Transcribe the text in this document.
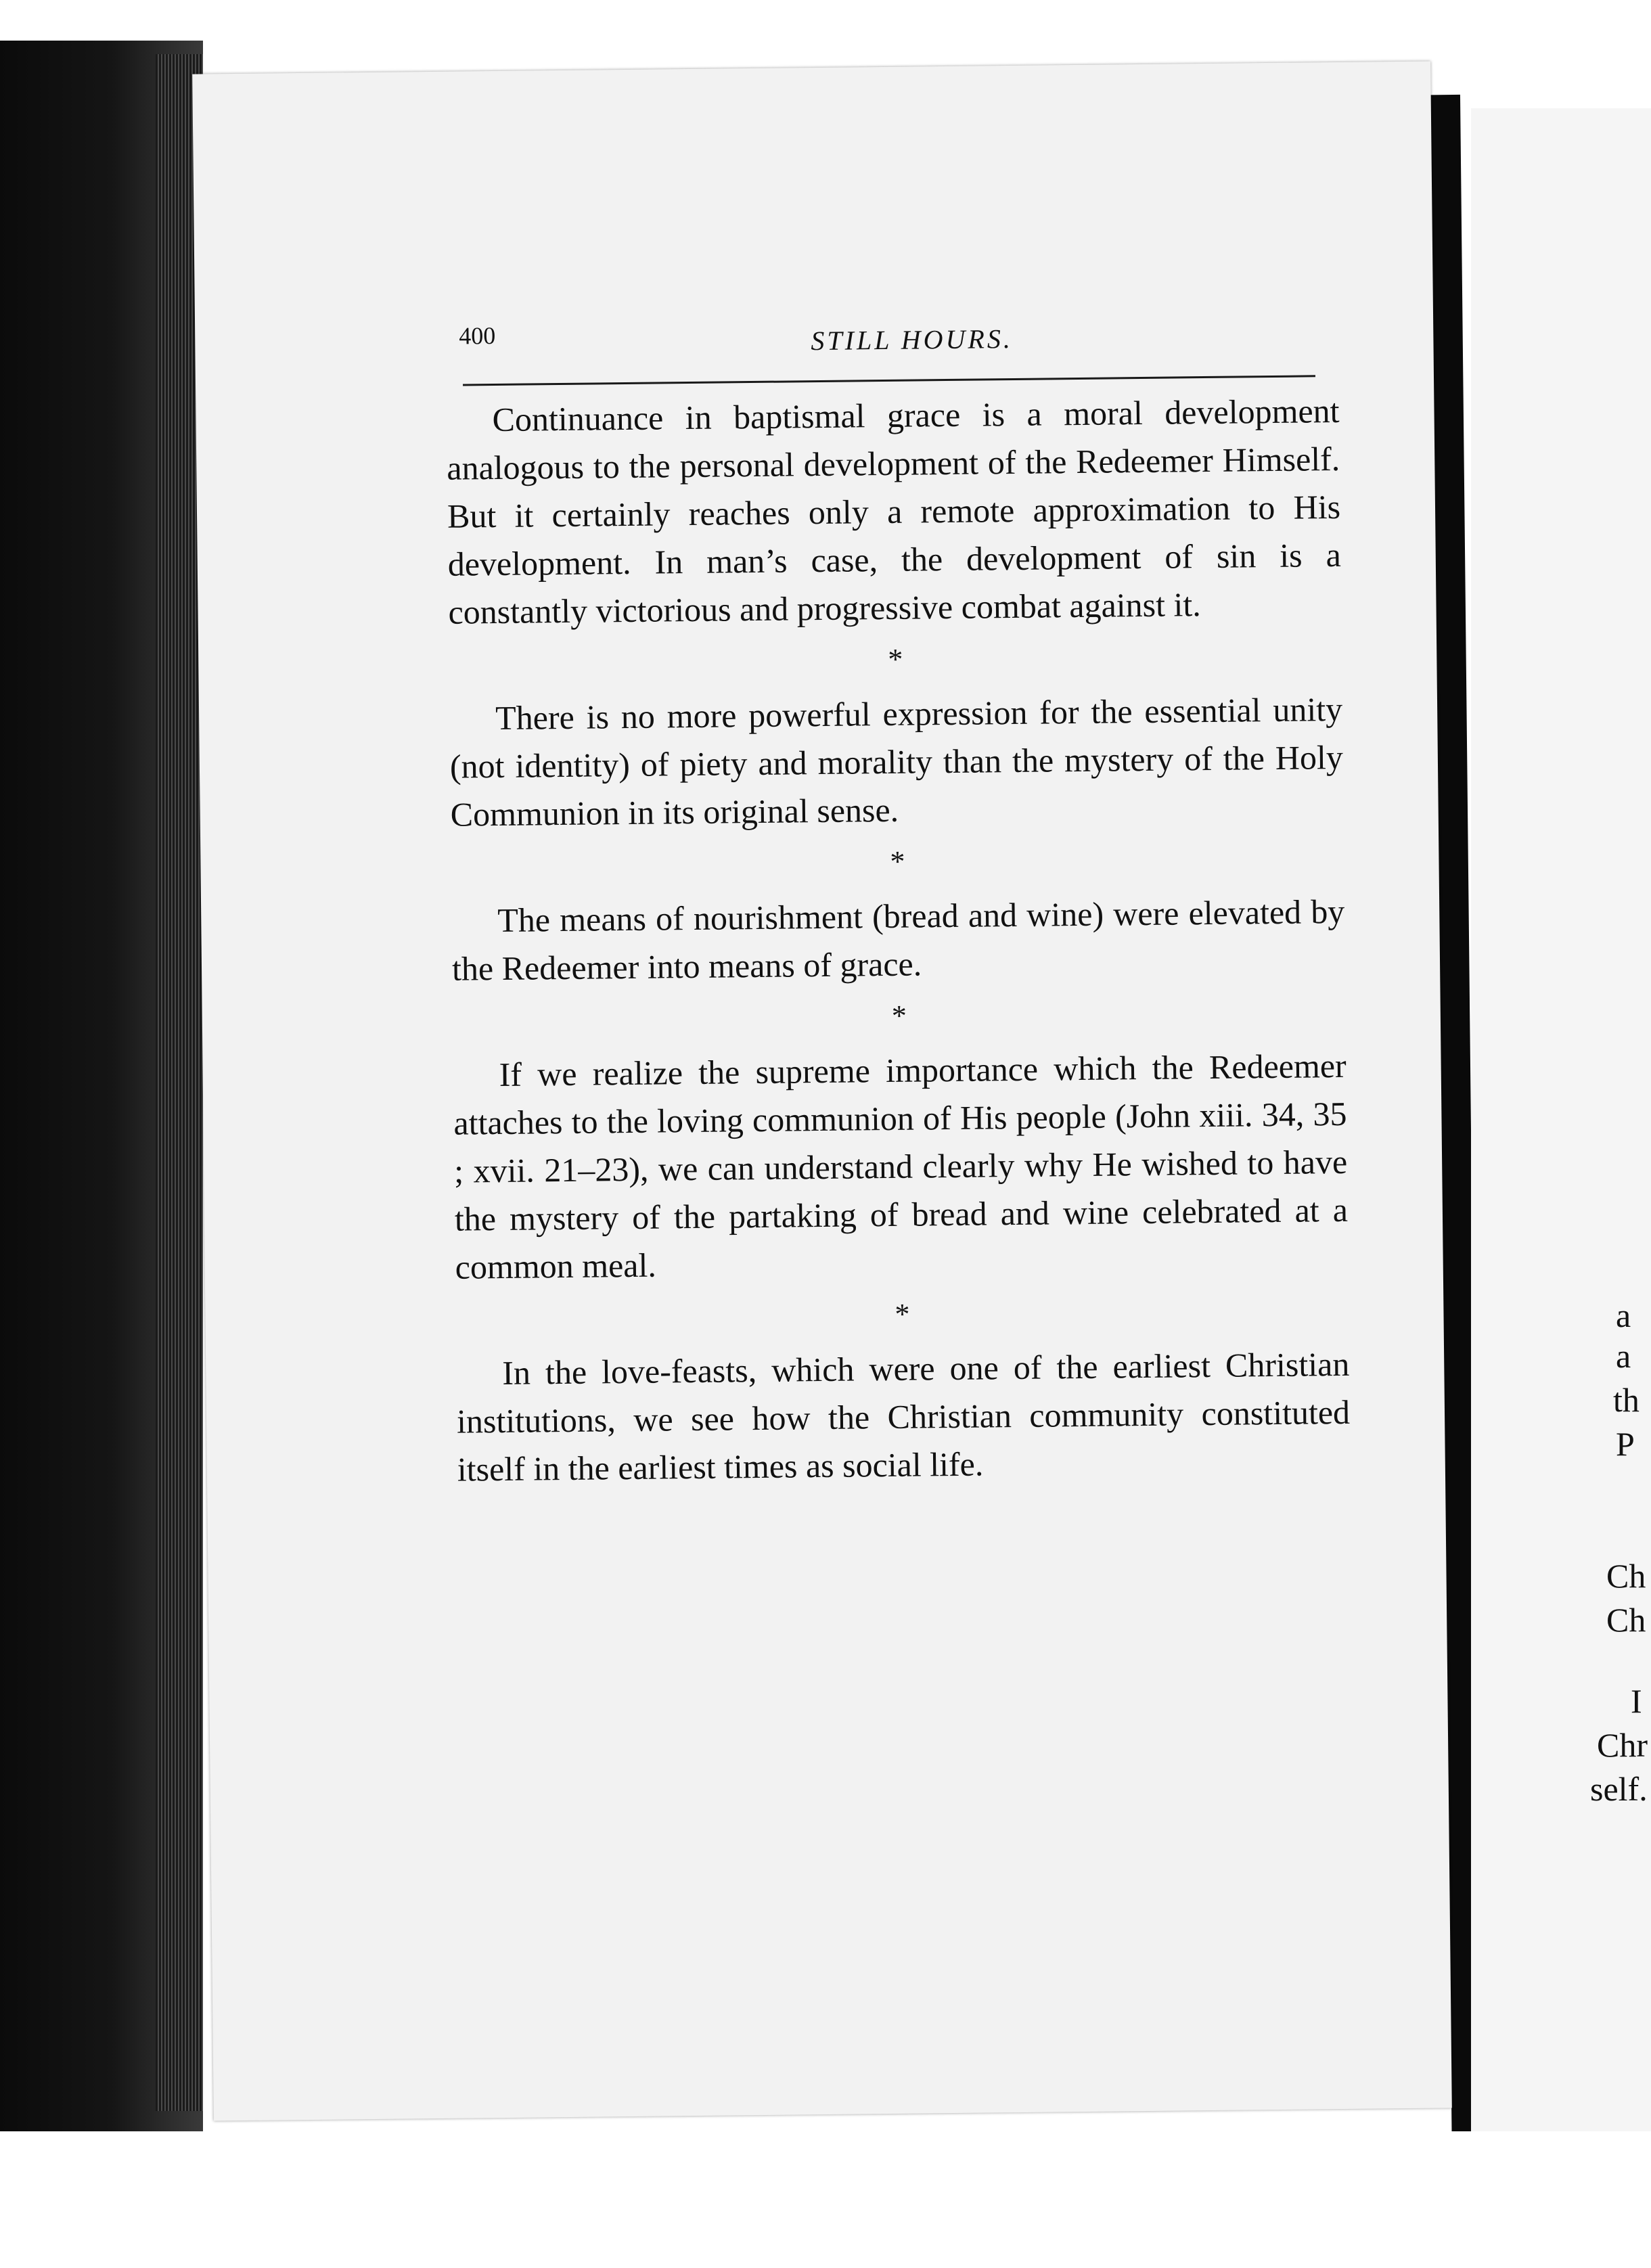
a
a
th
P
Ch
Ch
I
Chr
self.
400	STILL HOURS.

Continuance in baptismal grace is a moral development analogous to the personal development of the Redeemer Himself. But it certainly reaches only a remote approximation to His development. In man’s case, the development of sin is a constantly victorious and progressive combat against it.

*

There is no more powerful expression for the essential unity (not identity) of piety and morality than the mystery of the Holy Communion in its original sense.

*

The means of nourishment (bread and wine) were elevated by the Redeemer into means of grace.

*

If we realize the supreme importance which the Redeemer attaches to the loving communion of His people (John xiii. 34, 35 ; xvii. 21–23), we can understand clearly why He wished to have the mystery of the partaking of bread and wine celebrated at a common meal.

*

In the love-feasts, which were one of the earliest Christian institutions, we see how the Christian community constituted itself in the earliest times as social life.
